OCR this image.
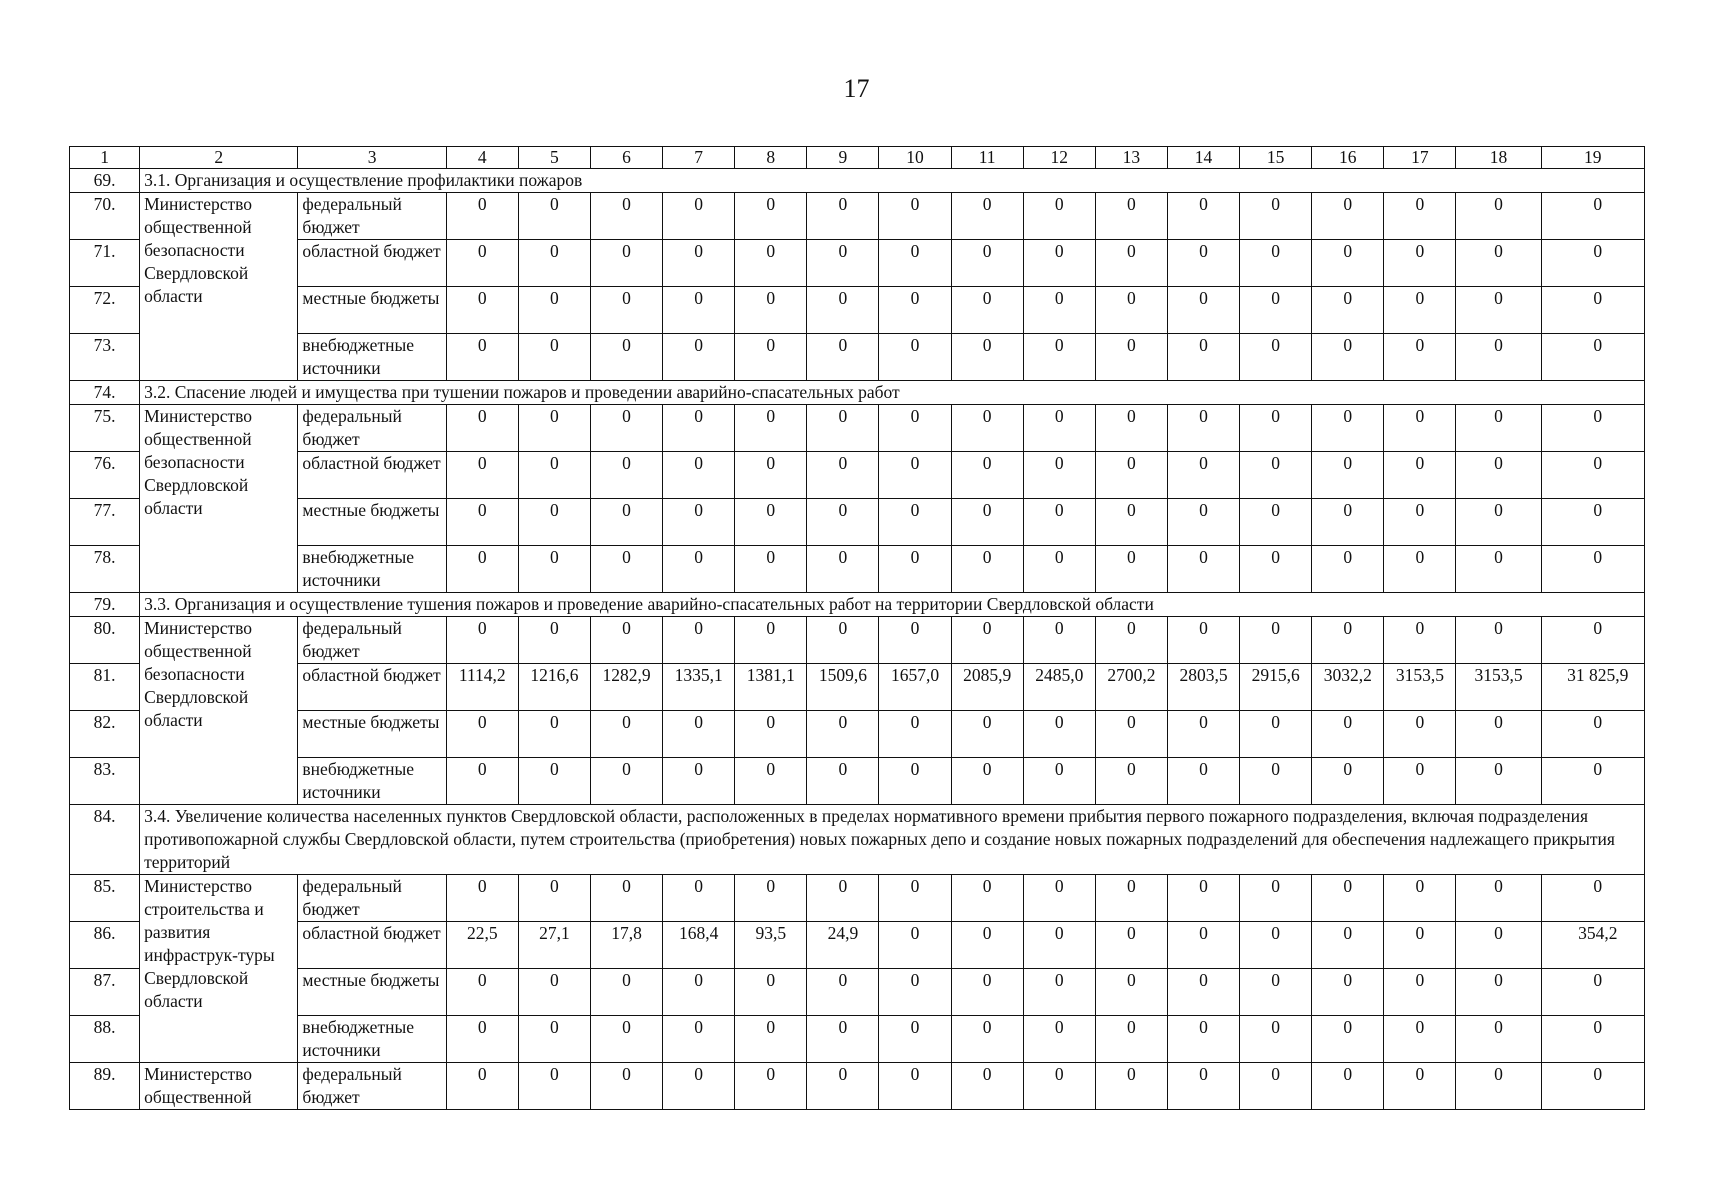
17
1	2	3	4	5	6	7	8	9	10	11	12	13	14	15	16	17	18	19
69.	3.1. Организация и осуществление профилактики пожаров																	
70.	Министерство общественной безопасности Свердловской области	федеральный бюджет	0	0	0	0	0	0	0	0	0	0	0	0	0	0	0	0
71.		областной бюджет	0	0	0	0	0	0	0	0	0	0	0	0	0	0	0	0
72.		местные бюджеты	0	0	0	0	0	0	0	0	0	0	0	0	0	0	0	0
73.		внебюджетные источники	0	0	0	0	0	0	0	0	0	0	0	0	0	0	0	0
74.	3.2. Спасение людей и имущества при тушении пожаров и проведении аварийно-спасательных работ																	
75.	Министерство общественной безопасности Свердловской области	федеральный бюджет	0	0	0	0	0	0	0	0	0	0	0	0	0	0	0	0
76.		областной бюджет	0	0	0	0	0	0	0	0	0	0	0	0	0	0	0	0
77.		местные бюджеты	0	0	0	0	0	0	0	0	0	0	0	0	0	0	0	0
78.		внебюджетные источники	0	0	0	0	0	0	0	0	0	0	0	0	0	0	0	0
79.	3.3. Организация и осуществление тушения пожаров и проведение аварийно-спасательных работ на территории Свердловской области																	
80.	Министерство общественной безопасности Свердловской области	федеральный бюджет	0	0	0	0	0	0	0	0	0	0	0	0	0	0	0	0
81.		областной бюджет	1114,2	1216,6	1282,9	1335,1	1381,1	1509,6	1657,0	2085,9	2485,0	2700,2	2803,5	2915,6	3032,2	3153,5	3153,5	31 825,9
82.		местные бюджеты	0	0	0	0	0	0	0	0	0	0	0	0	0	0	0	0
83.		внебюджетные источники	0	0	0	0	0	0	0	0	0	0	0	0	0	0	0	0
84.	3.4. Увеличение количества населенных пунктов Свердловской области, расположенных в пределах нормативного времени прибытия первого пожарного подразделения, включая подразделения противопожарной службы Свердловской области, путем строительства (приобретения) новых пожарных депо и создание новых пожарных подразделений для обеспечения надлежащего прикрытия территорий																	
85.	Министерство строительства и развития инфраструк-туры Свердловской области	федеральный бюджет	0	0	0	0	0	0	0	0	0	0	0	0	0	0	0	0
86.		областной бюджет	22,5	27,1	17,8	168,4	93,5	24,9	0	0	0	0	0	0	0	0	0	354,2
87.		местные бюджеты	0	0	0	0	0	0	0	0	0	0	0	0	0	0	0	0
88.		внебюджетные источники	0	0	0	0	0	0	0	0	0	0	0	0	0	0	0	0
89.	Министерство общественной	федеральный бюджет	0	0	0	0	0	0	0	0	0	0	0	0	0	0	0	0
